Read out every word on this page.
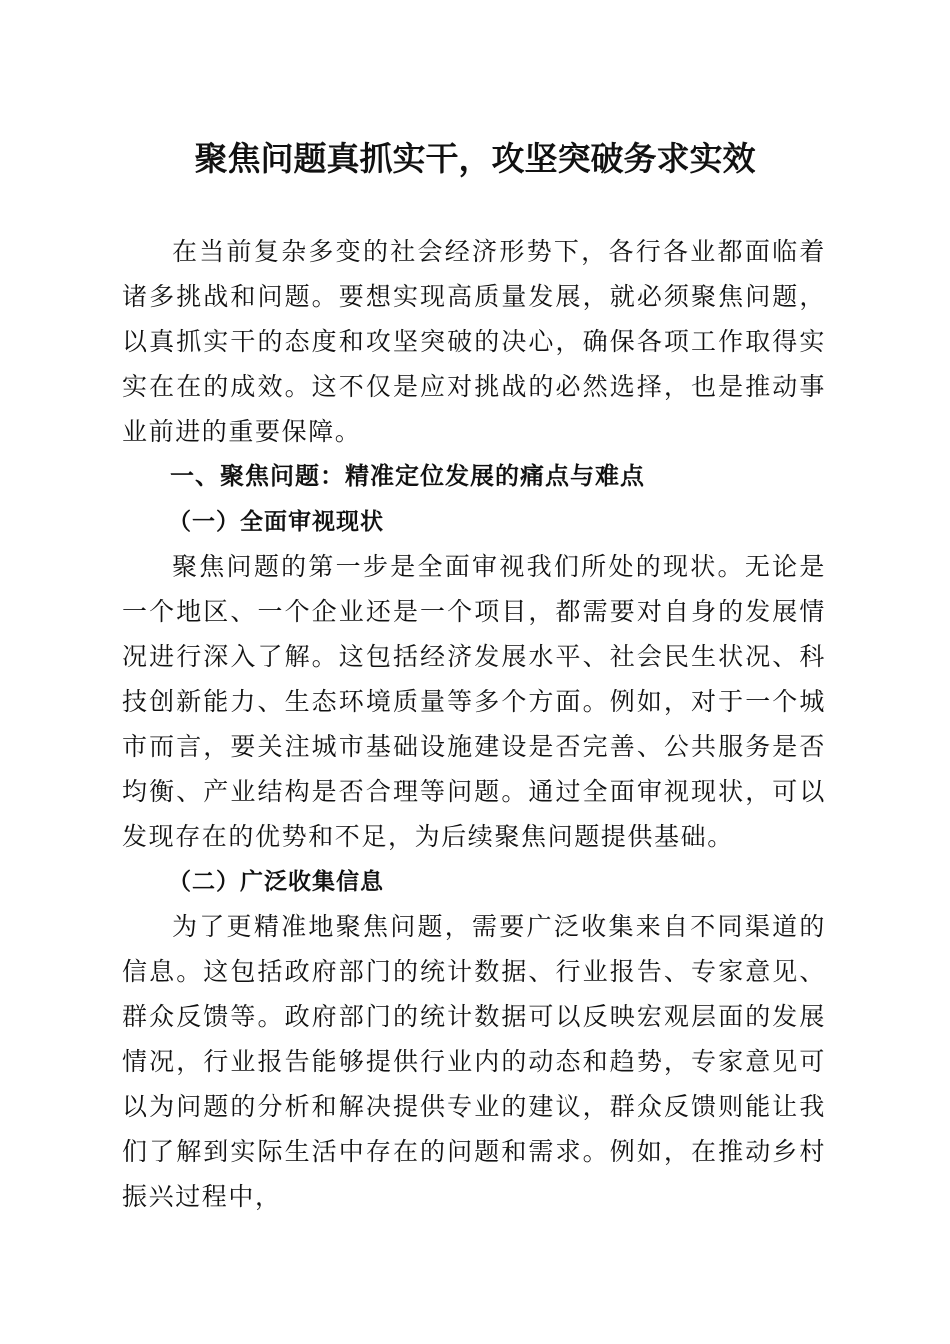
聚焦问题真抓实干，攻坚突破务求实效

在当前复杂多变的社会经济形势下，各行各业都面临着诸多挑战和问题。要想实现高质量发展，就必须聚焦问题，以真抓实干的态度和攻坚突破的决心，确保各项工作取得实实在在的成效。这不仅是应对挑战的必然选择，也是推动事业前进的重要保障。

一、聚焦问题：精准定位发展的痛点与难点

（一）全面审视现状

聚焦问题的第一步是全面审视我们所处的现状。无论是一个地区、一个企业还是一个项目，都需要对自身的发展情况进行深入了解。这包括经济发展水平、社会民生状况、科技创新能力、生态环境质量等多个方面。例如，对于一个城市而言，要关注城市基础设施建设是否完善、公共服务是否均衡、产业结构是否合理等问题。通过全面审视现状，可以发现存在的优势和不足，为后续聚焦问题提供基础。

（二）广泛收集信息

为了更精准地聚焦问题，需要广泛收集来自不同渠道的信息。这包括政府部门的统计数据、行业报告、专家意见、群众反馈等。政府部门的统计数据可以反映宏观层面的发展情况，行业报告能够提供行业内的动态和趋势，专家意见可以为问题的分析和解决提供专业的建议，群众反馈则能让我们了解到实际生活中存在的问题和需求。例如，在推动乡村振兴过程中，
